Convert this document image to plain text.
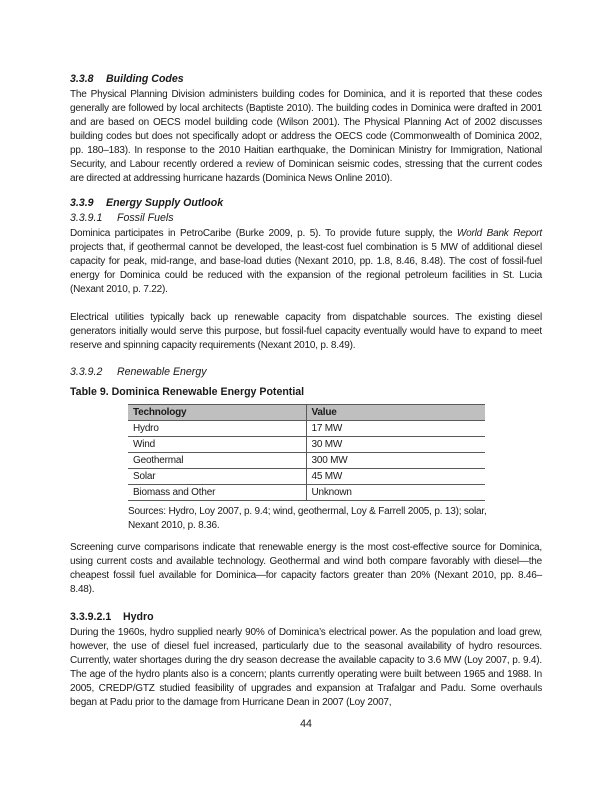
3.3.8	Building Codes

The Physical Planning Division administers building codes for Dominica, and it is reported that these codes generally are followed by local architects (Baptiste 2010). The building codes in Dominica were drafted in 2001 and are based on OECS model building code (Wilson 2001). The Physical Planning Act of 2002 discusses building codes but does not specifically adopt or address the OECS code (Commonwealth of Dominica 2002, pp. 180–183). In response to the 2010 Haitian earthquake, the Dominican Ministry for Immigration, National Security, and Labour recently ordered a review of Dominican seismic codes, stressing that the current codes are directed at addressing hurricane hazards (Dominica News Online 2010).

3.3.9	Energy Supply Outlook
3.3.9.1	Fossil Fuels

Dominica participates in PetroCaribe (Burke 2009, p. 5). To provide future supply, the World Bank Report projects that, if geothermal cannot be developed, the least-cost fuel combination is 5 MW of additional diesel capacity for peak, mid-range, and base-load duties (Nexant 2010, pp. 1.8, 8.46, 8.48). The cost of fossil-fuel energy for Dominica could be reduced with the expansion of the regional petroleum facilities in St. Lucia (Nexant 2010, p. 7.22).

Electrical utilities typically back up renewable capacity from dispatchable sources. The existing diesel generators initially would serve this purpose, but fossil-fuel capacity eventually would have to expand to meet reserve and spinning capacity requirements (Nexant 2010, p. 8.49).

3.3.9.2	Renewable Energy
Table 9. Dominica Renewable Energy Potential
Technology	Value
Hydro	17 MW
Wind	30 MW
Geothermal	300 MW
Solar	45 MW
Biomass and Other	Unknown
Sources: Hydro, Loy 2007, p. 9.4; wind, geothermal, Loy & Farrell 2005, p. 13); solar, Nexant 2010, p. 8.36.

Screening curve comparisons indicate that renewable energy is the most cost-effective source for Dominica, using current costs and available technology. Geothermal and wind both compare favorably with diesel—the cheapest fossil fuel available for Dominica—for capacity factors greater than 20% (Nexant 2010, pp. 8.46–8.48).

3.3.9.2.1	Hydro

During the 1960s, hydro supplied nearly 90% of Dominica’s electrical power. As the population and load grew, however, the use of diesel fuel increased, particularly due to the seasonal availability of hydro resources. Currently, water shortages during the dry season decrease the available capacity to 3.6 MW (Loy 2007, p. 9.4). The age of the hydro plants also is a concern; plants currently operating were built between 1965 and 1988. In 2005, CREDP/GTZ studied feasibility of upgrades and expansion at Trafalgar and Padu. Some overhauls began at Padu prior to the damage from Hurricane Dean in 2007 (Loy 2007,

44
